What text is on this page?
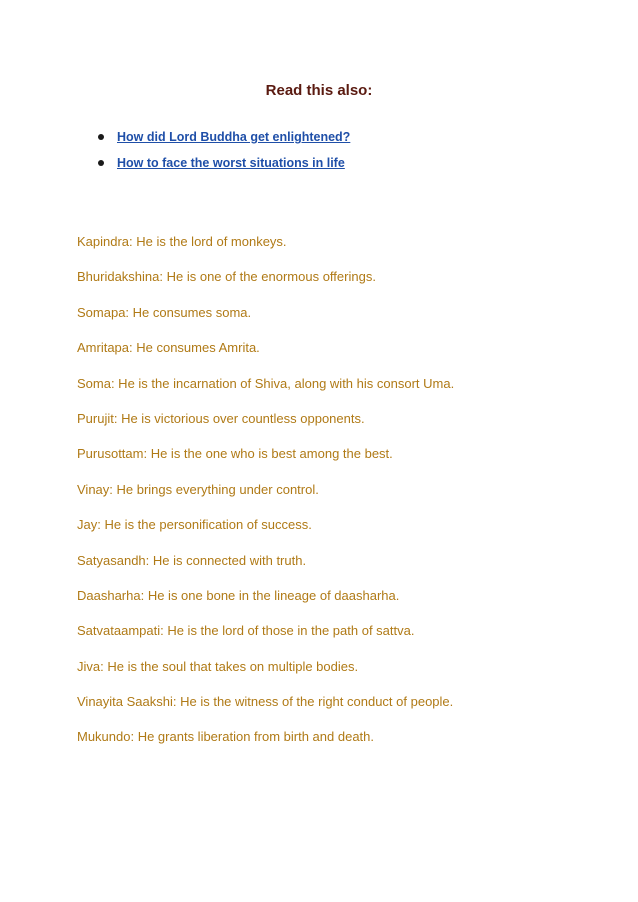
Read this also:
How did Lord Buddha get enlightened?
How to face the worst situations in life
Kapindra: He is the lord of monkeys.
Bhuridakshina: He is one of the enormous offerings.
Somapa: He consumes soma.
Amritapa: He consumes Amrita.
Soma: He is the incarnation of Shiva, along with his consort Uma.
Purujit: He is victorious over countless opponents.
Purusottam: He is the one who is best among the best.
Vinay: He brings everything under control.
Jay: He is the personification of success.
Satyasandh: He is connected with truth.
Daasharha: He is one bone in the lineage of daasharha.
Satvataampati: He is the lord of those in the path of sattva.
Jiva: He is the soul that takes on multiple bodies.
Vinayita Saakshi: He is the witness of the right conduct of people.
Mukundo: He grants liberation from birth and death.
